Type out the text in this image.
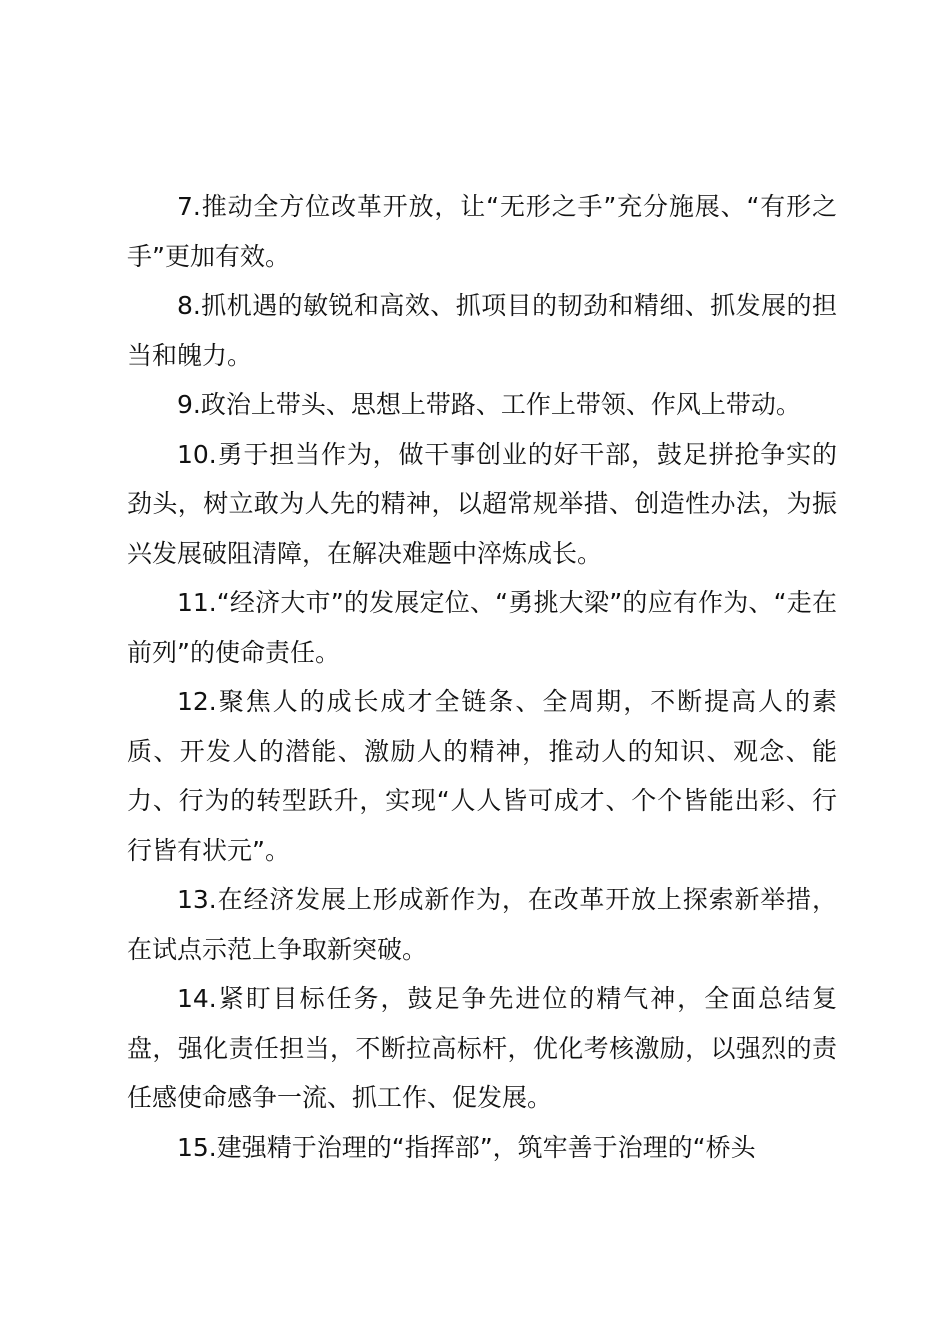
7.推动全方位改革开放，让“无形之手”充分施展、“有形之手”更加有效。

8.抓机遇的敏锐和高效、抓项目的韧劲和精细、抓发展的担当和魄力。

9.政治上带头、思想上带路、工作上带领、作风上带动。

10.勇于担当作为，做干事创业的好干部，鼓足拼抢争实的劲头，树立敢为人先的精神，以超常规举措、创造性办法，为振兴发展破阻清障，在解决难题中淬炼成长。

11.“经济大市”的发展定位、“勇挑大梁”的应有作为、“走在前列”的使命责任。

12.聚焦人的成长成才全链条、全周期，不断提高人的素质、开发人的潜能、激励人的精神，推动人的知识、观念、能力、行为的转型跃升，实现“人人皆可成才、个个皆能出彩、行行皆有状元”。

13.在经济发展上形成新作为，在改革开放上探索新举措，在试点示范上争取新突破。

14.紧盯目标任务，鼓足争先进位的精气神，全面总结复盘，强化责任担当，不断拉高标杆，优化考核激励，以强烈的责任感使命感争一流、抓工作、促发展。

15.建强精于治理的“指挥部”，筑牢善于治理的“桥头
